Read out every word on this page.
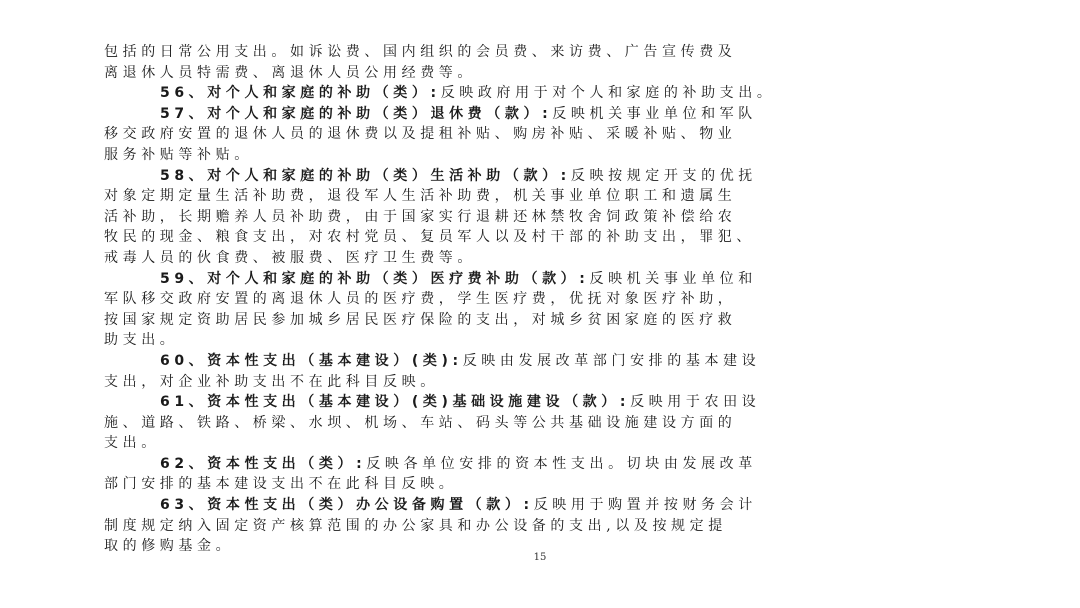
包括的日常公用支出。如诉讼费、国内组织的会员费、来访费、广告宣传费及
离退休人员特需费、离退休人员公用经费等。
56、对个人和家庭的补助（类）:反映政府用于对个人和家庭的补助支出。
57、对个人和家庭的补助（类）退休费（款）:反映机关事业单位和军队
移交政府安置的退休人员的退休费以及提租补贴、购房补贴、采暖补贴、物业
服务补贴等补贴。
58、对个人和家庭的补助（类）生活补助（款）:反映按规定开支的优抚
对象定期定量生活补助费，退役军人生活补助费，机关事业单位职工和遗属生
活补助，长期赡养人员补助费，由于国家实行退耕还林禁牧舍饲政策补偿给农
牧民的现金、粮食支出，对农村党员、复员军人以及村干部的补助支出，罪犯、
戒毒人员的伙食费、被服费、医疗卫生费等。
59、对个人和家庭的补助（类）医疗费补助（款）:反映机关事业单位和
军队移交政府安置的离退休人员的医疗费，学生医疗费，优抚对象医疗补助，
按国家规定资助居民参加城乡居民医疗保险的支出，对城乡贫困家庭的医疗救
助支出。
60、资本性支出（基本建设）(类):反映由发展改革部门安排的基本建设
支出，对企业补助支出不在此科目反映。
61、资本性支出（基本建设）(类)基础设施建设（款）:反映用于农田设
施、道路、铁路、桥梁、水坝、机场、车站、码头等公共基础设施建设方面的
支出。
62、资本性支出（类）:反映各单位安排的资本性支出。切块由发展改革
部门安排的基本建设支出不在此科目反映。
63、资本性支出（类）办公设备购置（款）:反映用于购置并按财务会计
制度规定纳入固定资产核算范围的办公家具和办公设备的支出,以及按规定提
取的修购基金。
15
